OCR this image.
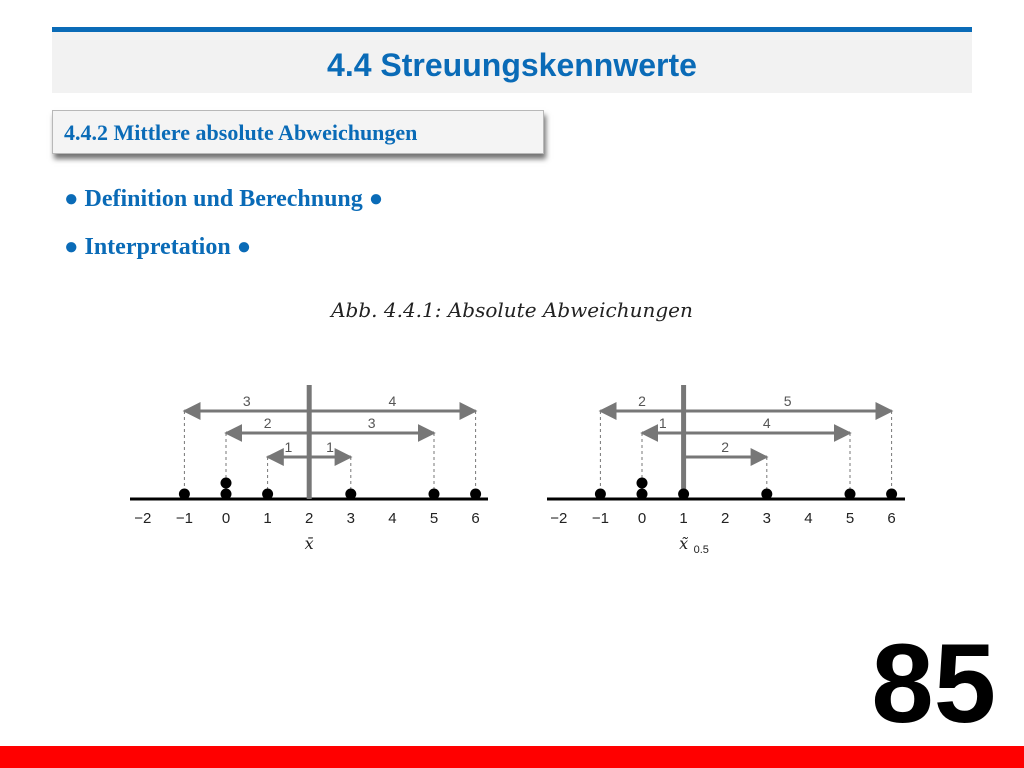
4.4 Streuungskennwerte
4.4.2 Mittlere absolute Abweichungen
● Definition und Berechnung ●
● Interpretation ●
Abb. 4.4.1: Absolute Abweichungen
−2 −1 0 1 2 3 4 5 6
3
2
1
4
3
1
x̄
−2 −1 0 1 2 3 4 5 6
2
1
5
4
2
x̃ 0.5
85
